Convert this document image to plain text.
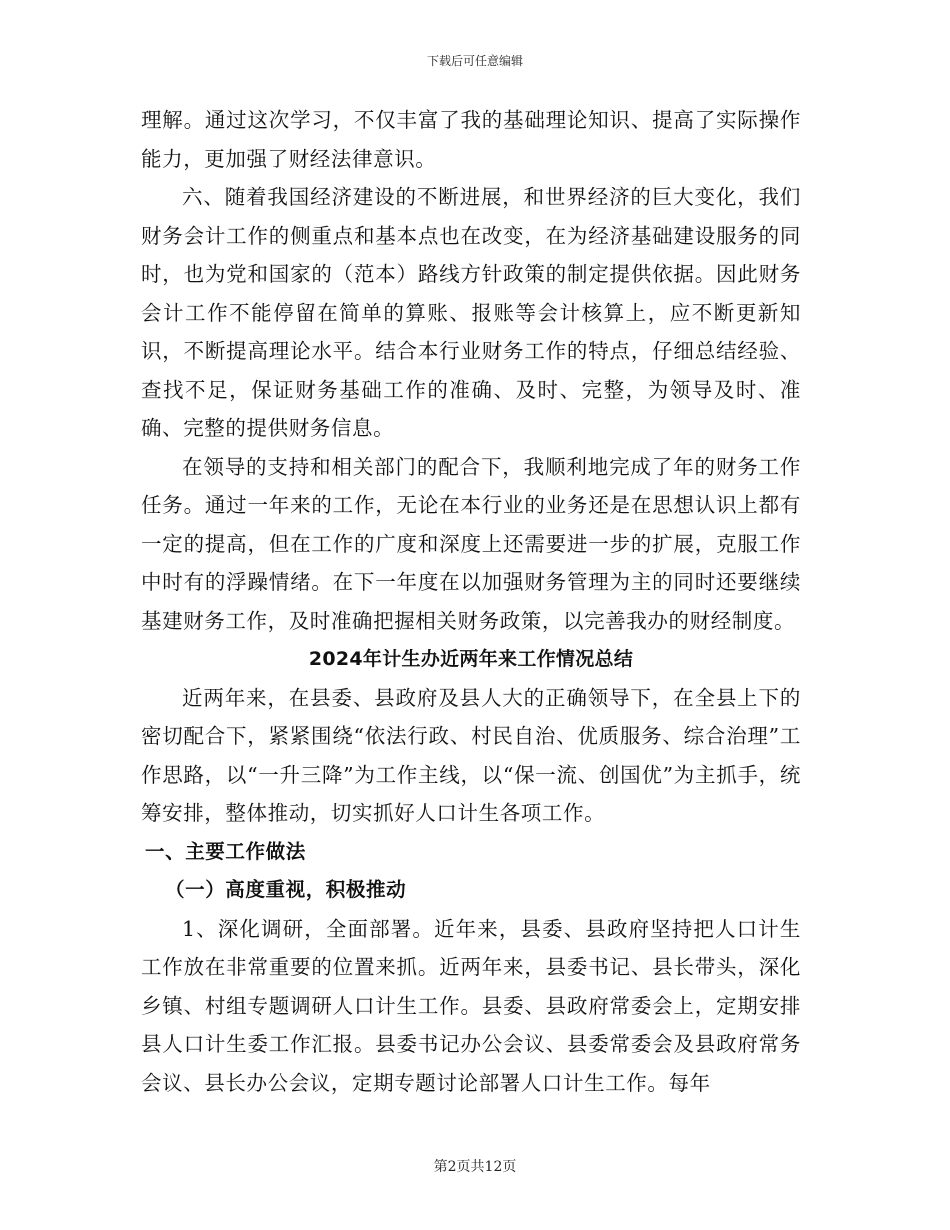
下载后可任意编辑

理解。通过这次学习，不仅丰富了我的基础理论知识、提高了实际操作能力，更加强了财经法律意识。

六、随着我国经济建设的不断进展，和世界经济的巨大变化，我们财务会计工作的侧重点和基本点也在改变，在为经济基础建设服务的同时，也为党和国家的（范本）路线方针政策的制定提供依据。因此财务会计工作不能停留在简单的算账、报账等会计核算上，应不断更新知识，不断提高理论水平。结合本行业财务工作的特点，仔细总结经验、查找不足，保证财务基础工作的准确、及时、完整，为领导及时、准确、完整的提供财务信息。

在领导的支持和相关部门的配合下，我顺利地完成了年的财务工作任务。通过一年来的工作，无论在本行业的业务还是在思想认识上都有一定的提高，但在工作的广度和深度上还需要进一步的扩展，克服工作中时有的浮躁情绪。在下一年度在以加强财务管理为主的同时还要继续基建财务工作，及时准确把握相关财务政策，以完善我办的财经制度。

2024年计生办近两年来工作情况总结

近两年来，在县委、县政府及县人大的正确领导下，在全县上下的密切配合下，紧紧围绕“依法行政、村民自治、优质服务、综合治理”工作思路，以“一升三降”为工作主线，以“保一流、创国优”为主抓手，统筹安排，整体推动，切实抓好人口计生各项工作。

一、主要工作做法

（一）高度重视，积极推动

1、深化调研，全面部署。近年来，县委、县政府坚持把人口计生工作放在非常重要的位置来抓。近两年来，县委书记、县长带头，深化乡镇、村组专题调研人口计生工作。县委、县政府常委会上，定期安排县人口计生委工作汇报。县委书记办公会议、县委常委会及县政府常务会议、县长办公会议，定期专题讨论部署人口计生工作。每年

第2页共12页
